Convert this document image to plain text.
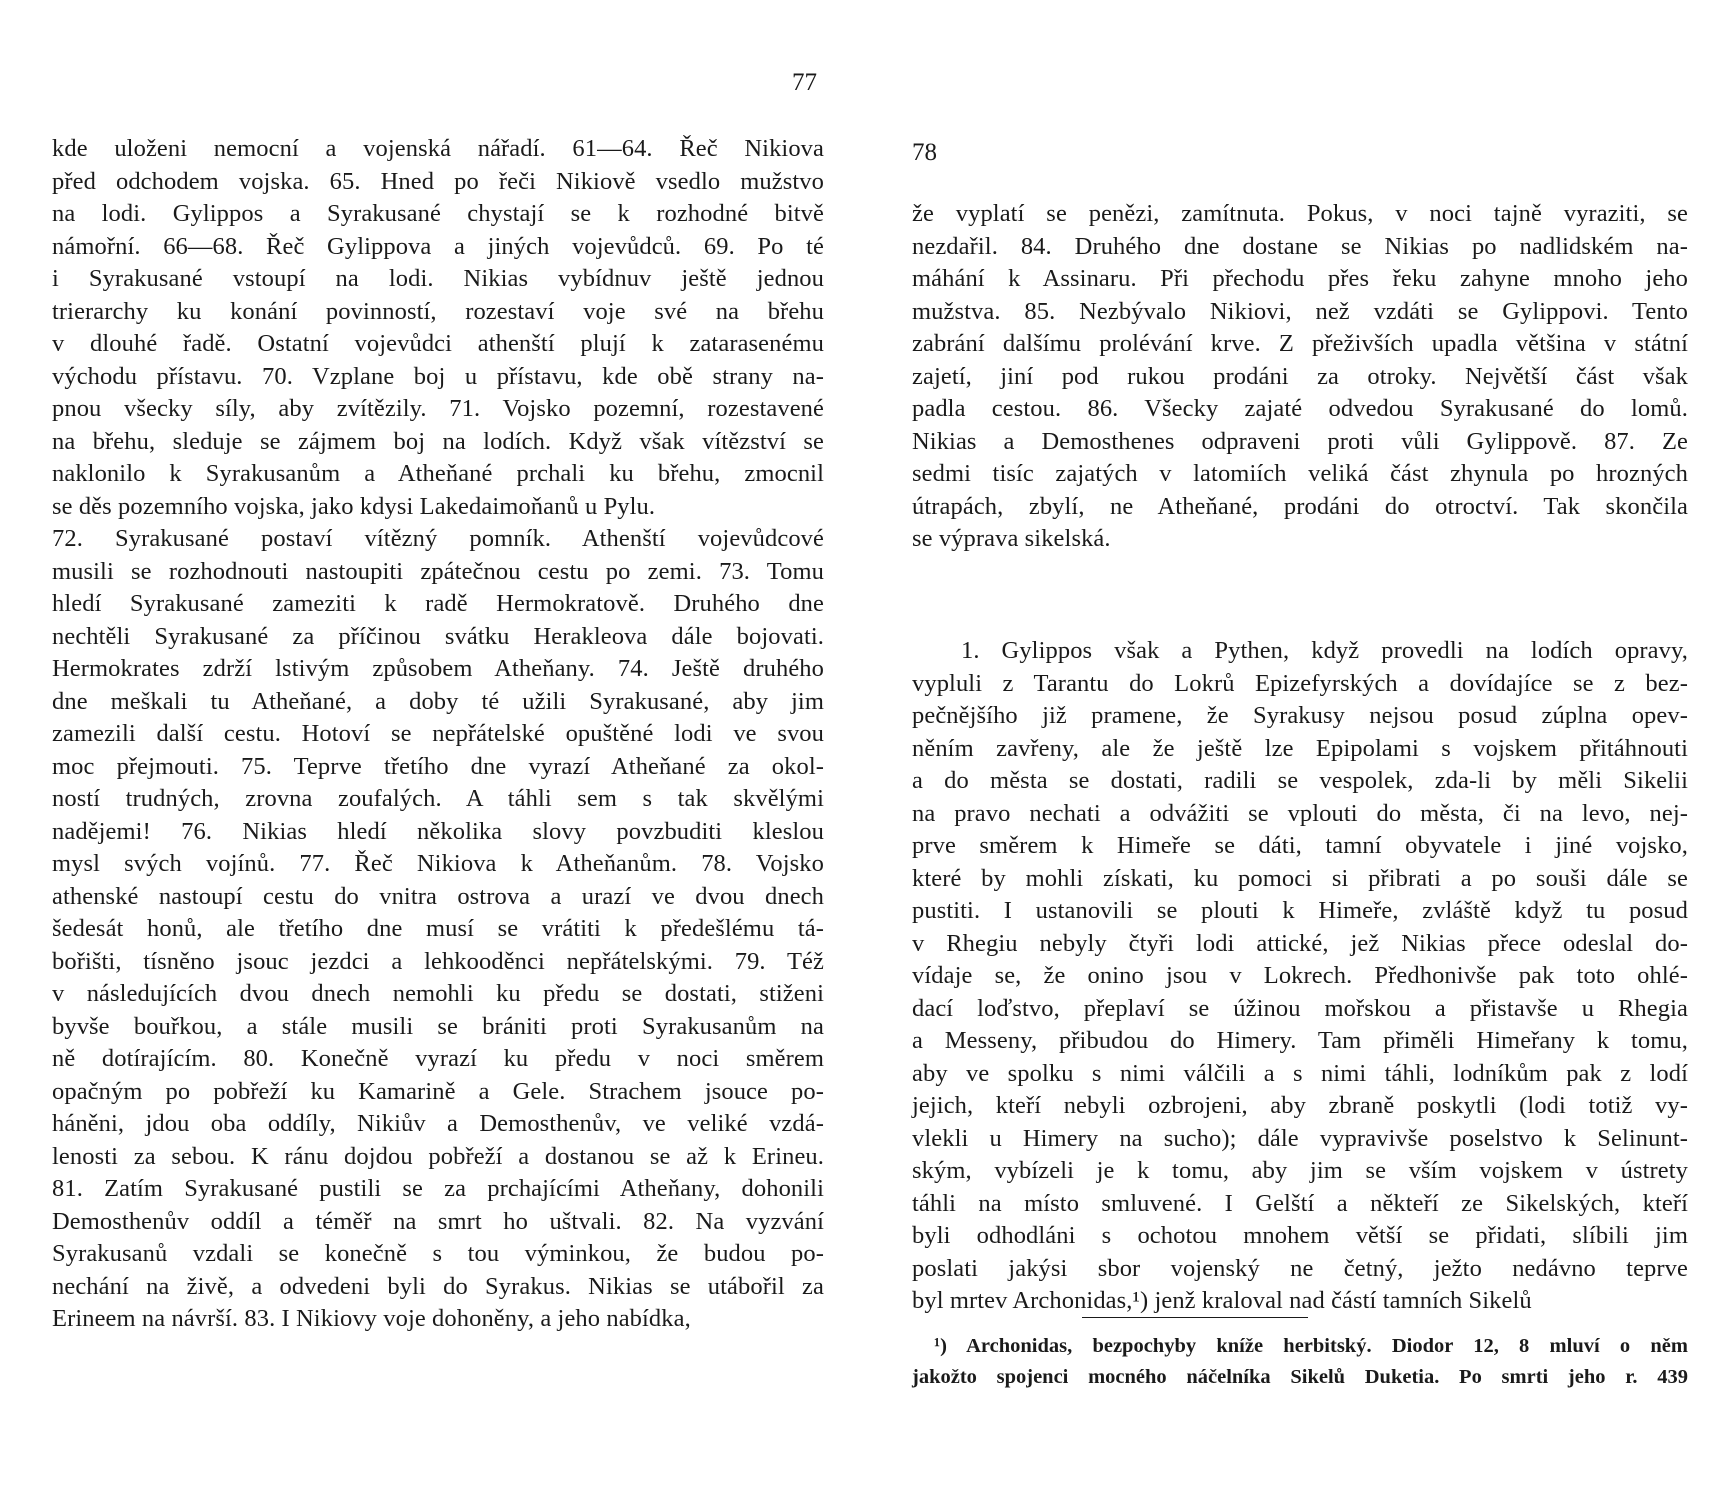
77
kde uloženi nemocní a vojenská nářadí. 61—64. Řeč Nikiova
před odchodem vojska. 65. Hned po řeči Nikiově vsedlo mužstvo
na lodi. Gylippos a Syrakusané chystají se k rozhodné bitvě
námořní. 66—68. Řeč Gylippova a jiných vojevůdců. 69. Po té
i Syrakusané vstoupí na lodi. Nikias vybídnuv ještě jednou
trierarchy ku konání povinností, rozestaví voje své na břehu
v dlouhé řadě. Ostatní vojevůdci athenští plují k zatarasenému
východu přístavu. 70. Vzplane boj u přístavu, kde obě strany na-
pnou všecky síly, aby zvítězily. 71. Vojsko pozemní, rozestavené
na břehu, sleduje se zájmem boj na lodích. Když však vítězství se
naklonilo k Syrakusanům a Atheňané prchali ku břehu, zmocnil
se děs pozemního vojska, jako kdysi Lakedaimoňanů u Pylu.
72. Syrakusané postaví vítězný pomník. Athenští vojevůdcové
musili se rozhodnouti nastoupiti zpátečnou cestu po zemi. 73. Tomu
hledí Syrakusané zameziti k radě Hermokratově. Druhého dne
nechtěli Syrakusané za příčinou svátku Herakleova dále bojovati.
Hermokrates zdrží lstivým způsobem Atheňany. 74. Ještě druhého
dne meškali tu Atheňané, a doby té užili Syrakusané, aby jim
zamezili další cestu. Hotoví se nepřátelské opuštěné lodi ve svou
moc přejmouti. 75. Teprve třetího dne vyrazí Atheňané za okol-
ností trudných, zrovna zoufalých. A táhli sem s tak skvělými
nadějemi! 76. Nikias hledí několika slovy povzbuditi kleslou
mysl svých vojínů. 77. Řeč Nikiova k Atheňanům. 78. Vojsko
athenské nastoupí cestu do vnitra ostrova a urazí ve dvou dnech
šedesát honů, ale třetího dne musí se vrátiti k předešlému tá-
bořišti, tísněno jsouc jezdci a lehkooděnci nepřátelskými. 79. Též
v následujících dvou dnech nemohli ku předu se dostati, stiženi
byvše bouřkou, a stále musili se brániti proti Syrakusanům na
ně dotírajícím. 80. Konečně vyrazí ku předu v noci směrem
opačným po pobřeží ku Kamarině a Gele. Strachem jsouce po-
háněni, jdou oba oddíly, Nikiův a Demosthenův, ve veliké vzdá-
lenosti za sebou. K ránu dojdou pobřeží a dostanou se až k Erineu.
81. Zatím Syrakusané pustili se za prchajícími Atheňany, dohonili
Demosthenův oddíl a téměř na smrt ho uštvali. 82. Na vyzvání
Syrakusanů vzdali se konečně s tou výminkou, že budou po-
nechání na živě, a odvedeni byli do Syrakus. Nikias se utábořil za
Erineem na návrší. 83. I Nikiovy voje dohoněny, a jeho nabídka,
78
že vyplatí se penězi, zamítnuta. Pokus, v noci tajně vyraziti, se
nezdařil. 84. Druhého dne dostane se Nikias po nadlidském na-
máhání k Assinaru. Při přechodu přes řeku zahyne mnoho jeho
mužstva. 85. Nezbývalo Nikiovi, než vzdáti se Gylippovi. Tento
zabrání dalšímu prolévání krve. Z přeživších upadla většina v státní
zajetí, jiní pod rukou prodáni za otroky. Největší část však
padla cestou. 86. Všecky zajaté odvedou Syrakusané do lomů.
Nikias a Demosthenes odpraveni proti vůli Gylippově. 87. Ze
sedmi tisíc zajatých v latomiích veliká část zhynula po hrozných
útrapách, zbylí, ne Atheňané, prodáni do otroctví. Tak skončila
se výprava sikelská.
1. Gylippos však a Pythen, když provedli na lodích opravy,
vypluli z Tarantu do Lokrů Epizefyrských a dovídajíce se z bez-
pečnějšího již pramene, že Syrakusy nejsou posud zúplna opev-
něním zavřeny, ale že ještě lze Epipolami s vojskem přitáhnouti
a do města se dostati, radili se vespolek, zda-li by měli Sikelii
na pravo nechati a odvážiti se vplouti do města, či na levo, nej-
prve směrem k Himeře se dáti, tamní obyvatele i jiné vojsko,
které by mohli získati, ku pomoci si přibrati a po souši dále se
pustiti. I ustanovili se plouti k Himeře, zvláště když tu posud
v Rhegiu nebyly čtyři lodi attické, jež Nikias přece odeslal do-
vídaje se, že onino jsou v Lokrech. Předhonivše pak toto ohlé-
dací loďstvo, přeplaví se úžinou mořskou a přistavše u Rhegia
a Messeny, přibudou do Himery. Tam přiměli Himeřany k tomu,
aby ve spolku s nimi válčili a s nimi táhli, lodníkům pak z lodí
jejich, kteří nebyli ozbrojeni, aby zbraně poskytli (lodi totiž vy-
vlekli u Himery na sucho); dále vypravivše poselstvo k Selinunt-
ským, vybízeli je k tomu, aby jim se vším vojskem v ústrety
táhli na místo smluvené. I Gelští a někteří ze Sikelských, kteří
byli odhodláni s ochotou mnohem větší se přidati, slíbili jim
poslati jakýsi sbor vojenský ne četný, ježto nedávno teprve
byl mrtev Archonidas,¹) jenž kraloval nad částí tamních Sikelů
¹) Archonidas, bezpochyby kníže herbitský. Diodor 12, 8 mluví o něm
jakožto spojenci mocného náčelníka Sikelů Duketia. Po smrti jeho r. 439
